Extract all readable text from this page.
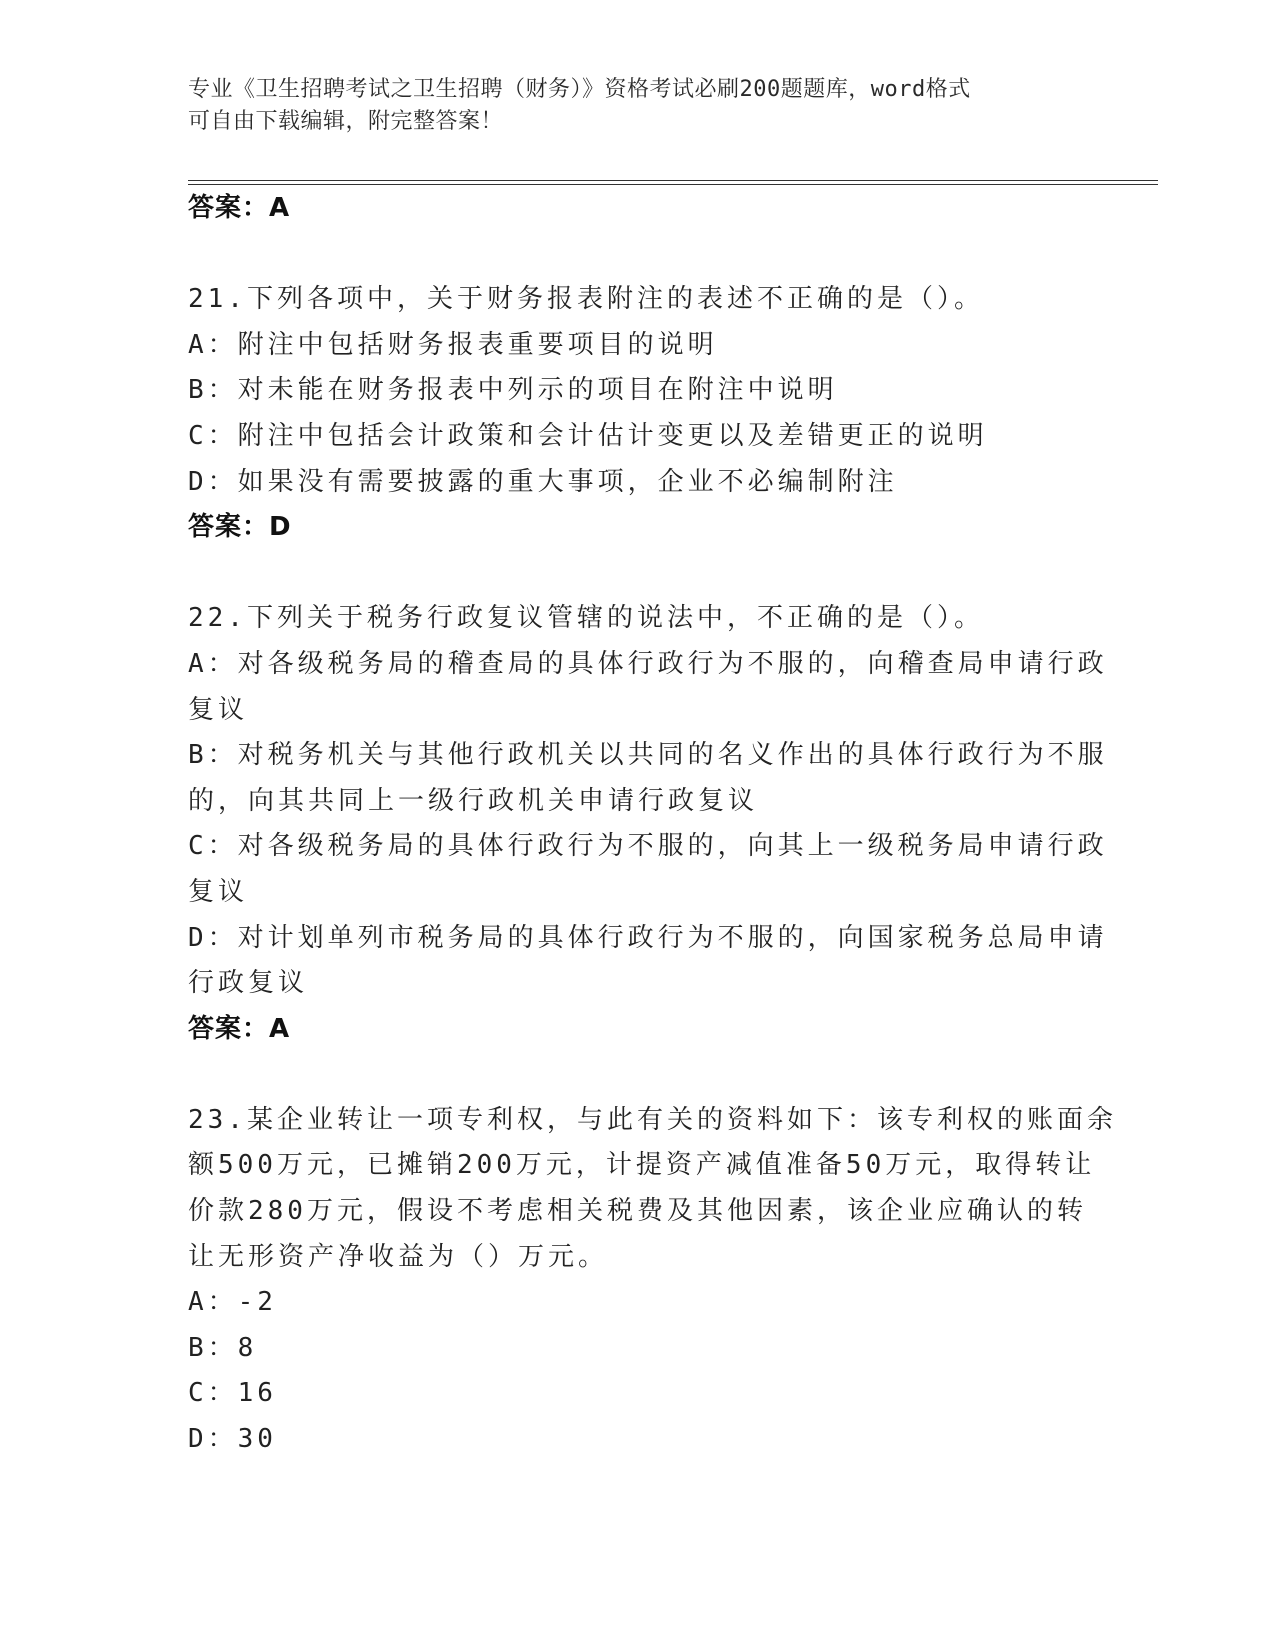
专业《卫生招聘考试之卫生招聘（财务）》资格考试必刷200题题库，word格式
可自由下载编辑，附完整答案！
答案：A
21.下列各项中，关于财务报表附注的表述不正确的是（）。
A：附注中包括财务报表重要项目的说明
B：对未能在财务报表中列示的项目在附注中说明
C：附注中包括会计政策和会计估计变更以及差错更正的说明
D：如果没有需要披露的重大事项，企业不必编制附注
答案：D
22.下列关于税务行政复议管辖的说法中，不正确的是（）。
A：对各级税务局的稽查局的具体行政行为不服的，向稽查局申请行政
复议
B：对税务机关与其他行政机关以共同的名义作出的具体行政行为不服
的，向其共同上一级行政机关申请行政复议
C：对各级税务局的具体行政行为不服的，向其上一级税务局申请行政
复议
D：对计划单列市税务局的具体行政行为不服的，向国家税务总局申请
行政复议
答案：A
23.某企业转让一项专利权，与此有关的资料如下：该专利权的账面余
额500万元，已摊销200万元，计提资产减值准备50万元，取得转让
价款280万元，假设不考虑相关税费及其他因素，该企业应确认的转
让无形资产净收益为（）万元。
A：-2
B：8
C：16
D：30
